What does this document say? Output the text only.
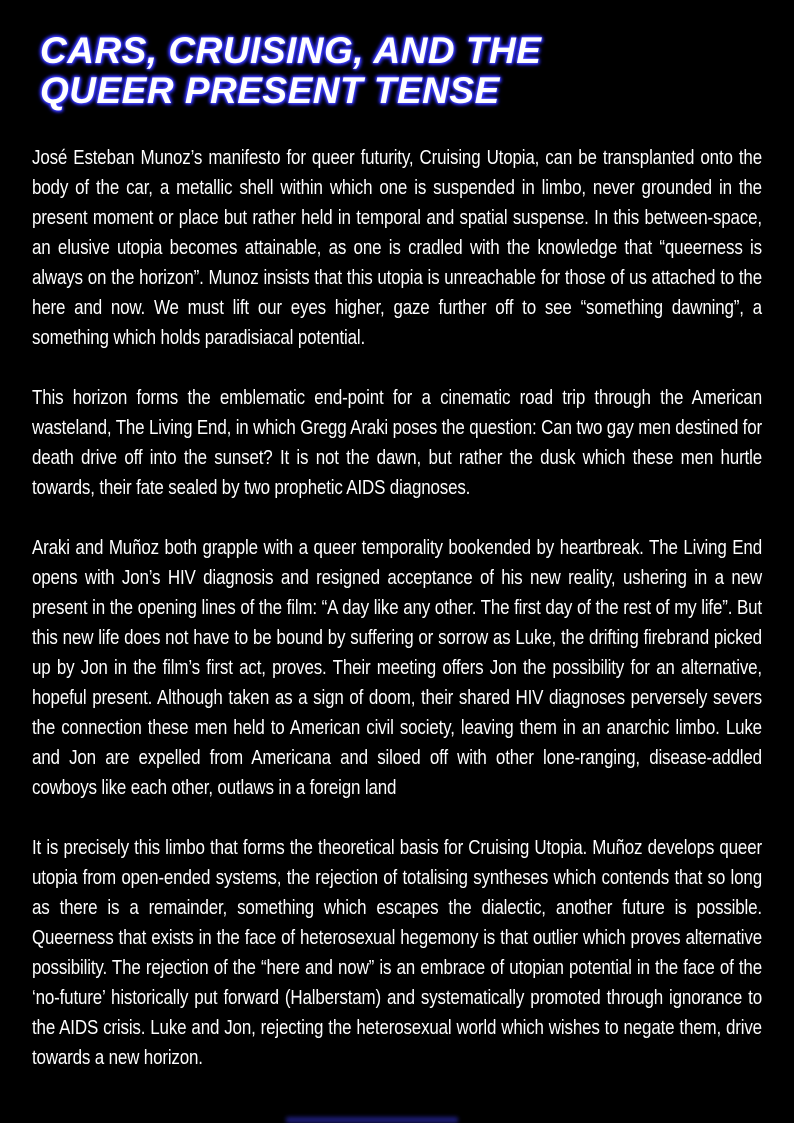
CARS, CRUISING, AND THE
QUEER PRESENT TENSE

José Esteban Munoz’s manifesto for queer futurity, Cruising Utopia, can be transplanted onto the body of the car, a metallic shell within which one is suspended in limbo, never grounded in the present moment or place but rather held in temporal and spatial suspense. In this between-space, an elusive utopia becomes attainable, as one is cradled with the knowledge that “queerness is always on the horizon”. Munoz insists that this utopia is unreachable for those of us attached to the here and now. We must lift our eyes higher, gaze further off to see “something dawning”, a something which holds paradisiacal potential.

This horizon forms the emblematic end-point for a cinematic road trip through the American wasteland, The Living End, in which Gregg Araki poses the question: Can two gay men destined for death drive off into the sunset? It is not the dawn, but rather the dusk which these men hurtle towards, their fate sealed by two prophetic AIDS diagnoses.

Araki and Muñoz both grapple with a queer temporality bookended by heartbreak. The Living End opens with Jon’s HIV diagnosis and resigned acceptance of his new reality, ushering in a new present in the opening lines of the film: “A day like any other. The first day of the rest of my life”. But this new life does not have to be bound by suffering or sorrow as Luke, the drifting firebrand picked up by Jon in the film’s first act, proves. Their meeting offers Jon the possibility for an alternative, hopeful present. Although taken as a sign of doom, their shared HIV diagnoses perversely severs the connection these men held to American civil society, leaving them in an anarchic limbo. Luke and Jon are expelled from Americana and siloed off with other lone-ranging, disease-addled cowboys like each other, outlaws in a foreign land

It is precisely this limbo that forms the theoretical basis for Cruising Utopia. Muñoz develops queer utopia from open-ended systems, the rejection of totalising syntheses which contends that so long as there is a remainder, something which escapes the dialectic, another future is possible. Queerness that exists in the face of heterosexual hegemony is that outlier which proves alternative possibility. The rejection of the “here and now” is an embrace of utopian potential in the face of the ‘no-future’ historically put forward (Halberstam) and systematically promoted through ignorance to the AIDS crisis. Luke and Jon, rejecting the heterosexual world which wishes to negate them, drive towards a new horizon.
